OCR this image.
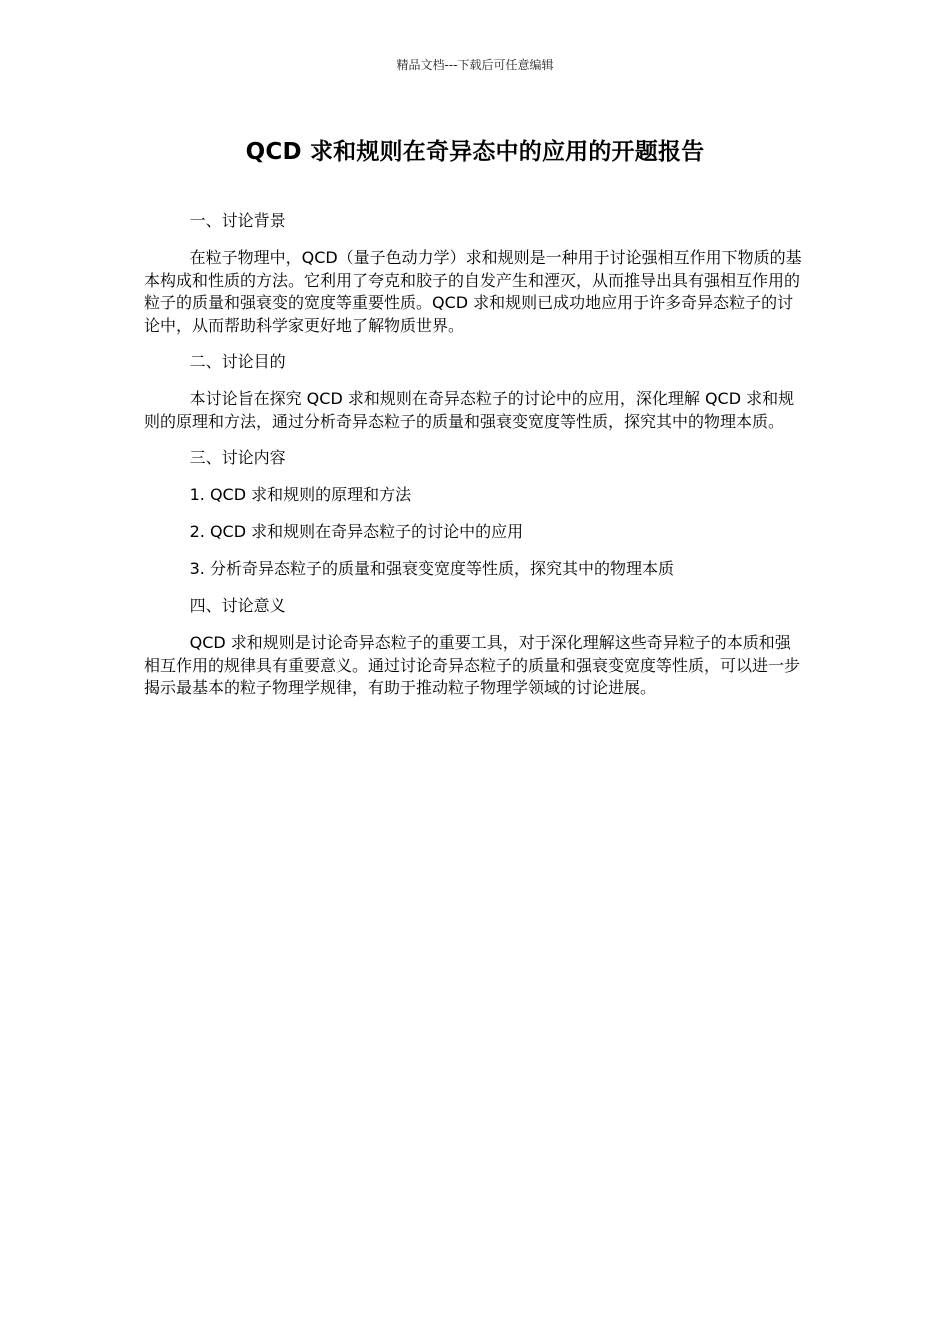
精品文档---下载后可任意编辑
QCD 求和规则在奇异态中的应用的开题报告

一、讨论背景

在粒子物理中，QCD（量子色动力学）求和规则是一种用于讨论强相互作用下物质的基本构成和性质的方法。它利用了夸克和胶子的自发产生和湮灭，从而推导出具有强相互作用的粒子的质量和强衰变的宽度等重要性质。QCD 求和规则已成功地应用于许多奇异态粒子的讨论中，从而帮助科学家更好地了解物质世界。

二、讨论目的

本讨论旨在探究 QCD 求和规则在奇异态粒子的讨论中的应用，深化理解 QCD 求和规则的原理和方法，通过分析奇异态粒子的质量和强衰变宽度等性质，探究其中的物理本质。

三、讨论内容

1. QCD 求和规则的原理和方法

2. QCD 求和规则在奇异态粒子的讨论中的应用

3. 分析奇异态粒子的质量和强衰变宽度等性质，探究其中的物理本质

四、讨论意义

QCD 求和规则是讨论奇异态粒子的重要工具，对于深化理解这些奇异粒子的本质和强相互作用的规律具有重要意义。通过讨论奇异态粒子的质量和强衰变宽度等性质，可以进一步揭示最基本的粒子物理学规律，有助于推动粒子物理学领域的讨论进展。
